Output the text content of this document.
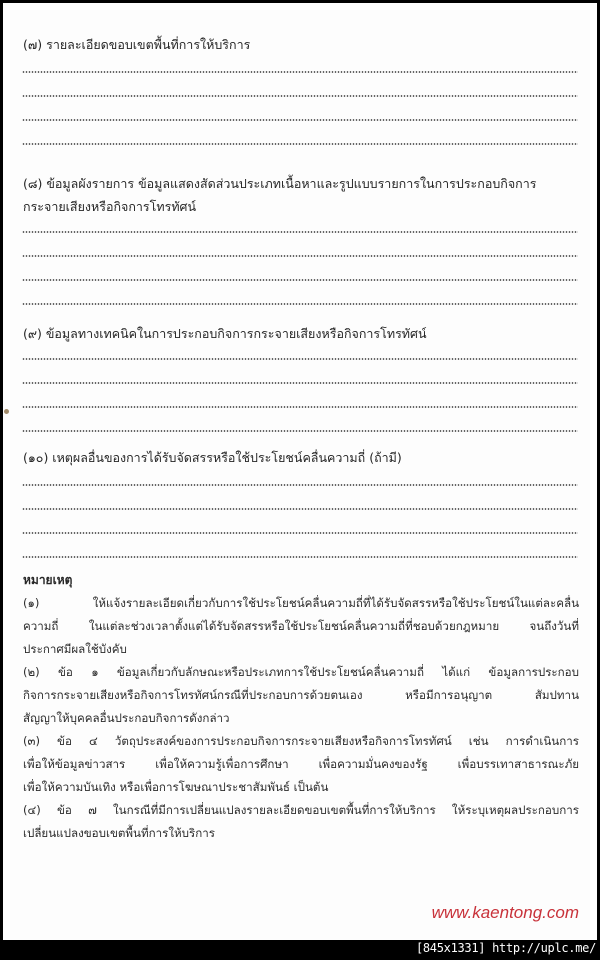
(๗) รายละเอียดขอบเขตพื้นที่การให้บริการ
(๘) ข้อมูลผังรายการ ข้อมูลแสดงสัดส่วนประเภทเนื้อหาและรูปแบบรายการในการประกอบกิจการ
กระจายเสียงหรือกิจการโทรทัศน์
(๙) ข้อมูลทางเทคนิคในการประกอบกิจการกระจายเสียงหรือกิจการโทรทัศน์
(๑๐) เหตุผลอื่นของการได้รับจัดสรรหรือใช้ประโยชน์คลื่นความถี่ (ถ้ามี)
หมายเหตุ
(๑) ให้แจ้งรายละเอียดเกี่ยวกับการใช้ประโยชน์คลื่นความถี่ที่ได้รับจัดสรรหรือใช้ประโยชน์ในแต่ละคลื่น
ความถี่ ในแต่ละช่วงเวลาตั้งแต่ได้รับจัดสรรหรือใช้ประโยชน์คลื่นความถี่ที่ชอบด้วยกฎหมาย จนถึงวันที่
ประกาศมีผลใช้บังคับ
(๒) ข้อ ๑ ข้อมูลเกี่ยวกับลักษณะหรือประเภทการใช้ประโยชน์คลื่นความถี่ ได้แก่ ข้อมูลการประกอบ
กิจการกระจายเสียงหรือกิจการโทรทัศน์กรณีที่ประกอบการด้วยตนเอง หรือมีการอนุญาต สัมปทาน
สัญญาให้บุคคลอื่นประกอบกิจการดังกล่าว
(๓) ข้อ ๔ วัตถุประสงค์ของการประกอบกิจการกระจายเสียงหรือกิจการโทรทัศน์ เช่น การดำเนินการ
เพื่อให้ข้อมูลข่าวสาร เพื่อให้ความรู้เพื่อการศึกษา เพื่อความมั่นคงของรัฐ เพื่อบรรเทาสาธารณะภัย
เพื่อให้ความบันเทิง หรือเพื่อการโฆษณาประชาสัมพันธ์ เป็นต้น
(๔) ข้อ ๗ ในกรณีที่มีการเปลี่ยนแปลงรายละเอียดขอบเขตพื้นที่การให้บริการ ให้ระบุเหตุผลประกอบการ
เปลี่ยนแปลงขอบเขตพื้นที่การให้บริการ
www.kaentong.com
[845x1331] http://uplc.me/
